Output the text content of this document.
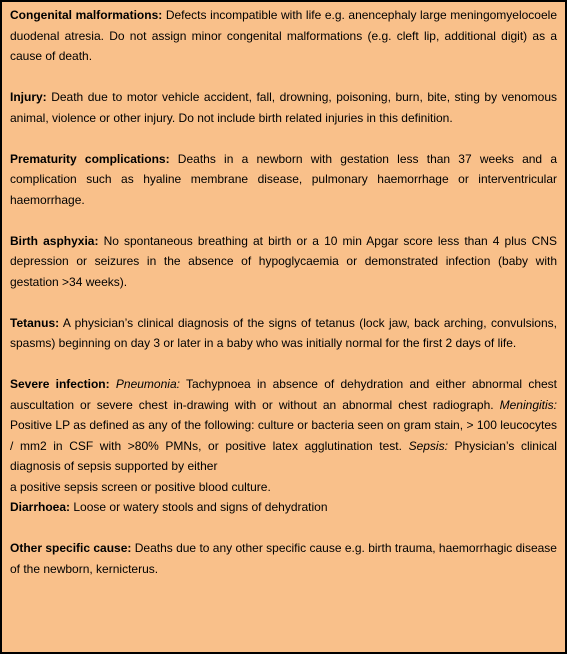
Congenital malformations: Defects incompatible with life e.g. anencephaly large meningomyelocoele duodenal atresia. Do not assign minor congenital malformations (e.g. cleft lip, additional digit) as a cause of death.

Injury: Death due to motor vehicle accident, fall, drowning, poisoning, burn, bite, sting by venomous animal, violence or other injury. Do not include birth related injuries in this definition.

Prematurity complications: Deaths in a newborn with gestation less than 37 weeks and a complication such as hyaline membrane disease, pulmonary haemorrhage or interventricular haemorrhage.

Birth asphyxia: No spontaneous breathing at birth or a 10 min Apgar score less than 4 plus CNS depression or seizures in the absence of hypoglycaemia or demonstrated infection (baby with gestation >34 weeks).

Tetanus: A physician’s clinical diagnosis of the signs of tetanus (lock jaw, back arching, convulsions, spasms) beginning on day 3 or later in a baby who was initially normal for the first 2 days of life.

Severe infection: Pneumonia: Tachypnoea in absence of dehydration and either abnormal chest auscultation or severe chest in-drawing with or without an abnormal chest radiograph. Meningitis: Positive LP as defined as any of the following: culture or bacteria seen on gram stain, > 100 leucocytes / mm2 in CSF with >80% PMNs, or positive latex agglutination test. Sepsis: Physician’s clinical diagnosis of sepsis supported by either

a positive sepsis screen or positive blood culture.

Diarrhoea: Loose or watery stools and signs of dehydration

Other specific cause: Deaths due to any other specific cause e.g. birth trauma, haemorrhagic disease of the newborn, kernicterus.
